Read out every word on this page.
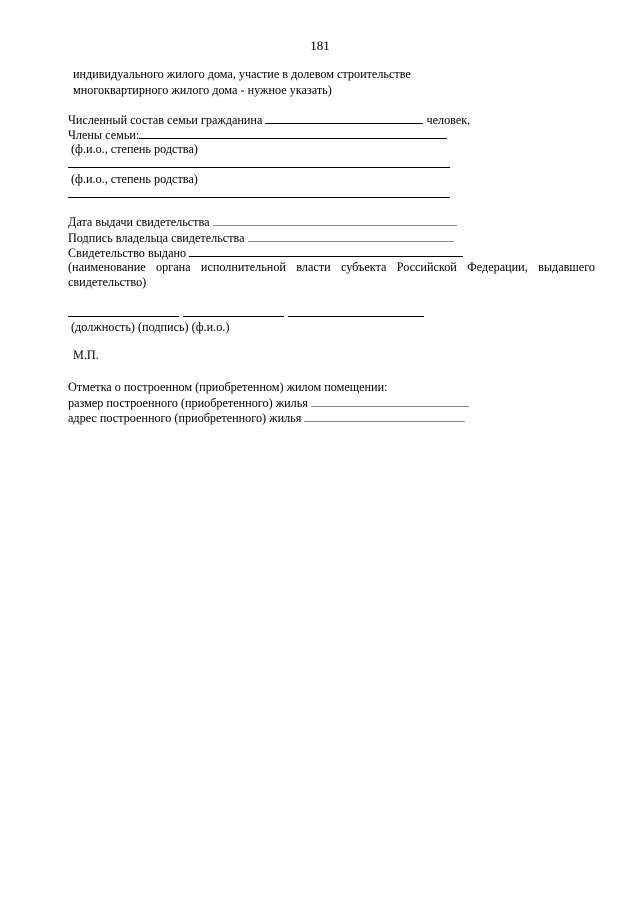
181
индивидуального жилого дома, участие в долевом строительстве
многоквартирного жилого дома - нужное указать)
Численный состав семьи гражданина	человек,
Члены семьи:
(ф.и.о., степень родства)
(ф.и.о., степень родства)
Дата выдачи свидетельства
Подпись владельца свидетельства
Свидетельство выдано
(наименование органа исполнительной власти субъекта Российской Федерации, выдавшего
свидетельство)
(должность) (подпись) (ф.и.о.)
М.П.
Отметка о построенном (приобретенном) жилом помещении:
размер построенного (приобретенного) жилья
адрес построенного (приобретенного) жилья
